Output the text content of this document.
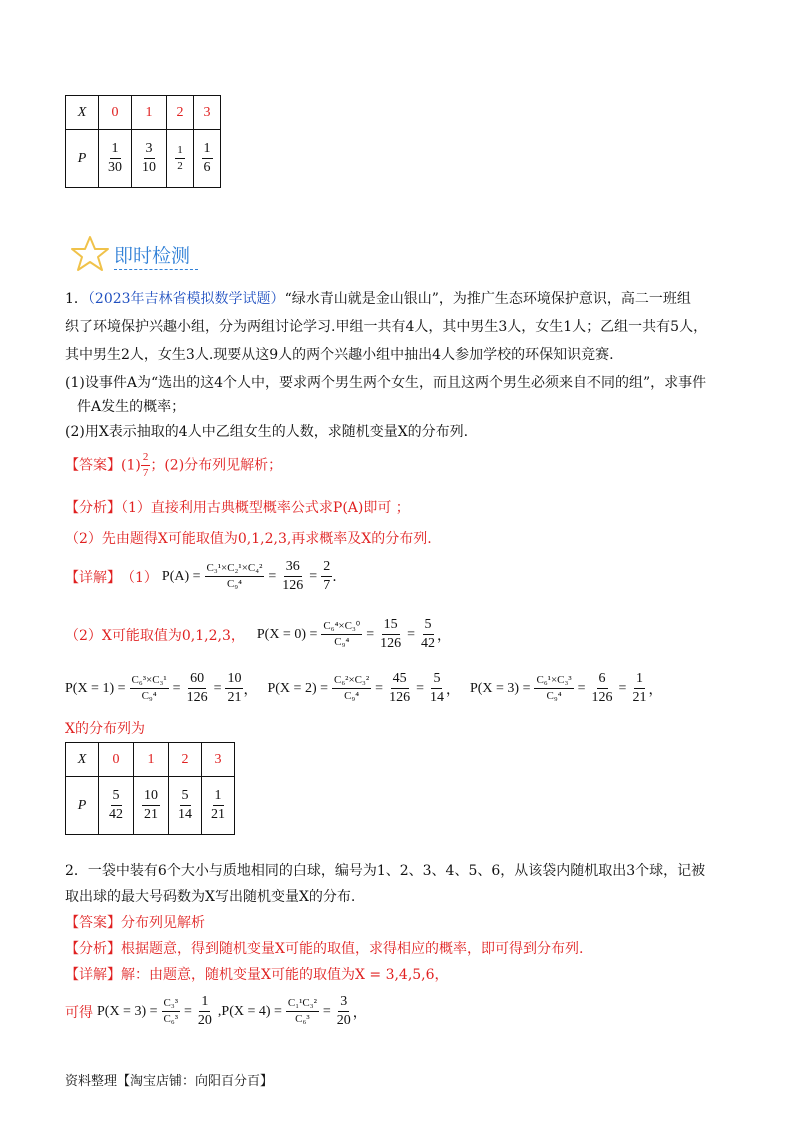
X	0	1	2	3
P	$\frac{1}{30}$	$\frac{3}{10}$	$\frac{1}{2}$	$\frac{1}{6}$
即时检测
1．（2023年吉林省模拟数学试题）“绿水青山就是金山银山”，为推广生态环境保护意识，高二一班组
织了环境保护兴趣小组，分为两组讨论学习.甲组一共有4人，其中男生3人，女生1人；乙组一共有5人，
其中男生2人，女生3人.现要从这9人的两个兴趣小组中抽出4人参加学校的环保知识竞赛.
(1)设事件A为“选出的这4个人中，要求两个男生两个女生，而且这两个男生必须来自不同的组”，求事件
件A发生的概率；
(2)用X表示抽取的4人中乙组女生的人数，求随机变量X的分布列.
【答案】$(1) \frac{2}{7}$ ；(2)分布列见解析；
【分析】（1）直接利用古典概型概率公式求P(A)即可 ；
（2）先由题得X可能取值为0,1,2,3,再求概率及X的分布列.
【详解】 （1） $P(A) = \frac{\text{C₃¹×C₂¹×C₄²}}{\text{C₉⁴}} = \frac{36}{126} = \frac{2}{7}$ .
（2） X可能取值为0,1,2,3， $P(X = 0) = \frac{\text{C₆⁴×C₃⁰}}{\text{C₉⁴}} = \frac{15}{126} = \frac{5}{42}$ ，
$P(X = 1) = \frac{\text{C₆³×C₃¹}}{\text{C₉⁴}} = \frac{60}{126} = \frac{10}{21}$ ， $P(X = 2) = \frac{\text{C₆²×C₃²}}{\text{C₉⁴}} = \frac{45}{126} = \frac{5}{14}$ ， $P(X = 3) = \frac{\text{C₆¹×C₃³}}{\text{C₉⁴}} = \frac{6}{126} = \frac{1}{21}$ ，
X的分布列为
X	0	1	2	3
P	$\frac{5}{42}$	$\frac{10}{21}$	$\frac{5}{14}$	$\frac{1}{21}$
2．一袋中装有6个大小与质地相同的白球，编号为1、2、3、4、5、6，从该袋内随机取出3个球，记被
取出球的最大号码数为X写出随机变量X的分布.
【答案】分布列见解析
【分析】根据题意，得到随机变量X可能的取值，求得相应的概率，即可得到分布列.
【详解】解：由题意，随机变量X可能的取值为X = 3,4,5,6，
可得 $P(X = 3) = \frac{\text{C₃³}}{\text{C₆³}} = \frac{1}{20} ,P(X = 4) = \frac{\text{C₁¹C₃²}}{\text{C₆³}} = \frac{3}{20}$ ，
资料整理【淘宝店铺：向阳百分百】
